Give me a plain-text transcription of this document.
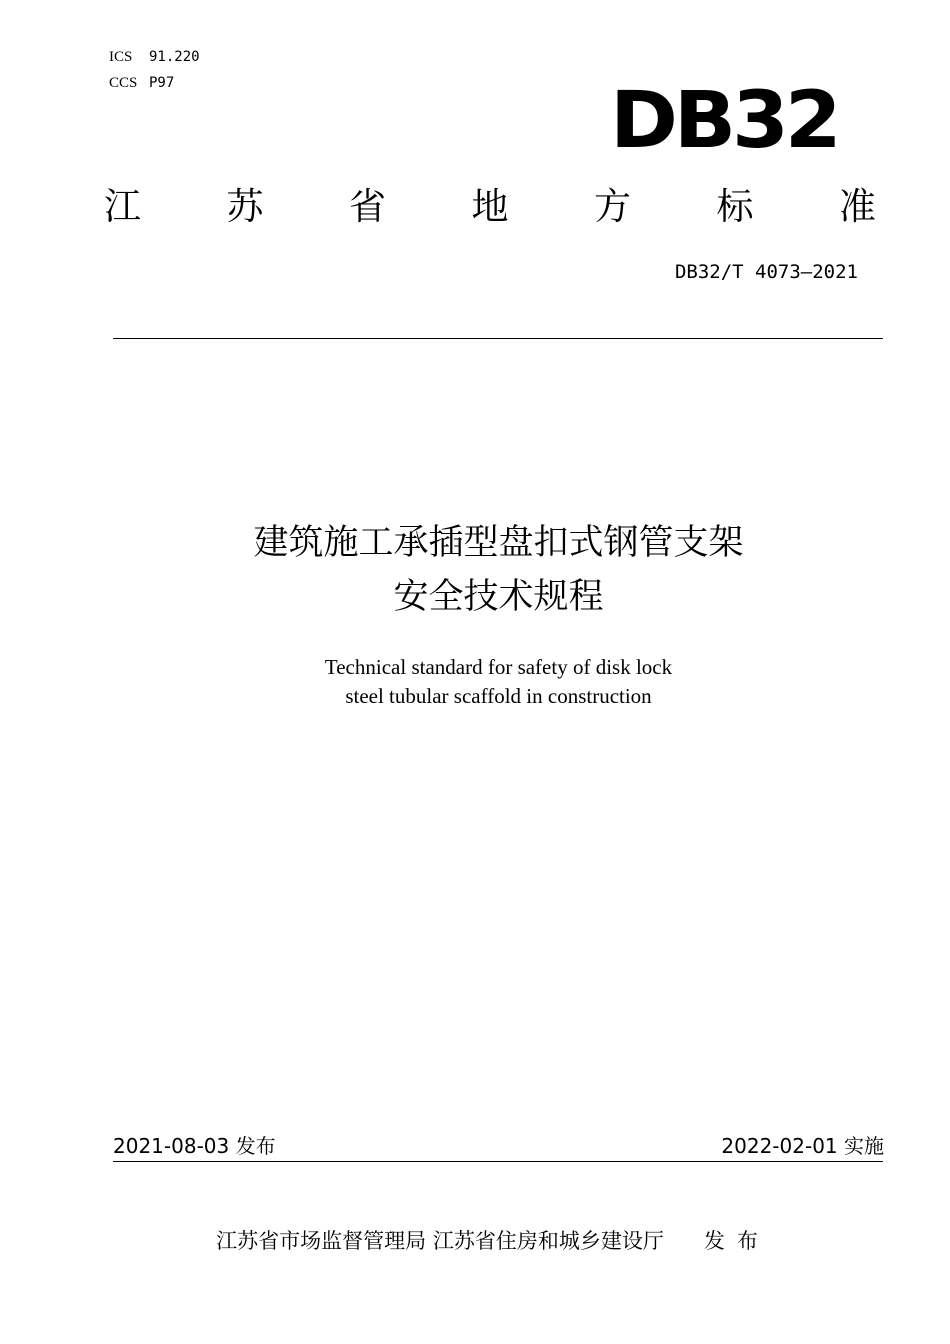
ICS	91.220
CCS P97	DB32
江 苏 省 地 方 标 准
DB32/T 4073—2021
建筑施工承插型盘扣式钢管支架
安全技术规程
Technical standard for safety of disk lock
steel tubular scaffold in construction
2021-08-03 发布	2022-02-01 实施
江苏省市场监督管理局 江苏省住房和城乡建设厅 发布
